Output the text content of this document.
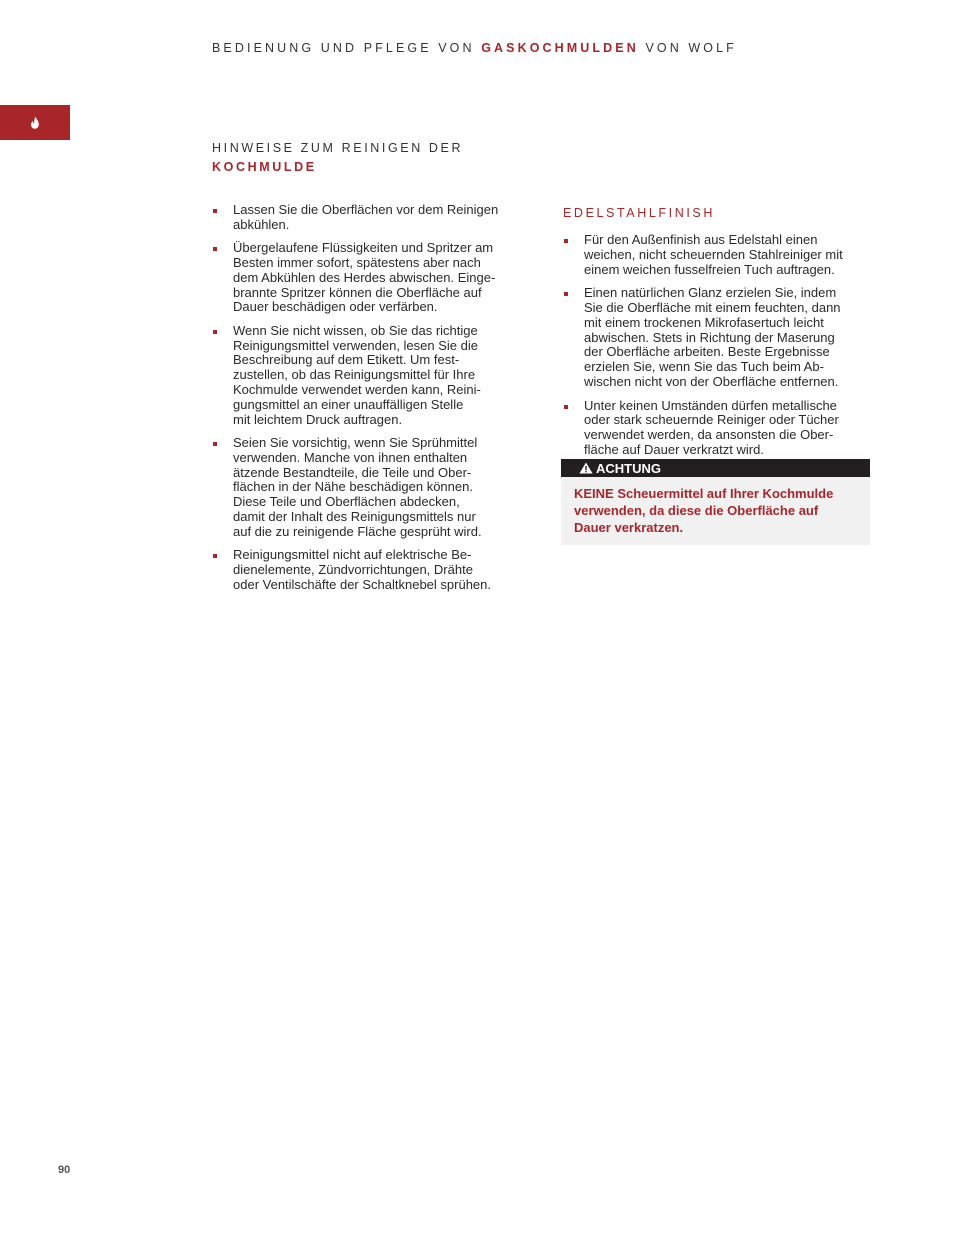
BEDIENUNG UND PFLEGE VON GASKOCHMULDEN VON WOLF
HINWEISE ZUM REINIGEN DER
KOCHMULDE
Lassen Sie die Oberflächen vor dem Reinigen
abkühlen.
Übergelaufene Flüssigkeiten und Spritzer am
Besten immer sofort, spätestens aber nach
dem Abkühlen des Herdes abwischen. Einge-
brannte Spritzer können die Oberfläche auf
Dauer beschädigen oder verfärben.
Wenn Sie nicht wissen, ob Sie das richtige
Reinigungsmittel verwenden, lesen Sie die
Beschreibung auf dem Etikett. Um fest-
zustellen, ob das Reinigungsmittel für Ihre
Kochmulde verwendet werden kann, Reini-
gungsmittel an einer unauffälligen Stelle
mit leichtem Druck auftragen.
Seien Sie vorsichtig, wenn Sie Sprühmittel
verwenden. Manche von ihnen enthalten
ätzende Bestandteile, die Teile und Ober-
flächen in der Nähe beschädigen können.
Diese Teile und Oberflächen abdecken,
damit der Inhalt des Reinigungsmittels nur
auf die zu reinigende Fläche gesprüht wird.
Reinigungsmittel nicht auf elektrische Be-
dienelemente, Zündvorrichtungen, Drähte
oder Ventilschäfte der Schaltknebel sprühen.
EDELSTAHLFINISH
Für den Außenfinish aus Edelstahl einen
weichen, nicht scheuernden Stahlreiniger mit
einem weichen fusselfreien Tuch auftragen.
Einen natürlichen Glanz erzielen Sie, indem
Sie die Oberfläche mit einem feuchten, dann
mit einem trockenen Mikrofasertuch leicht
abwischen. Stets in Richtung der Maserung
der Oberfläche arbeiten. Beste Ergebnisse
erzielen Sie, wenn Sie das Tuch beim Ab-
wischen nicht von der Oberfläche entfernen.
Unter keinen Umständen dürfen metallische
oder stark scheuernde Reiniger oder Tücher
verwendet werden, da ansonsten die Ober-
fläche auf Dauer verkratzt wird.
ACHTUNG
KEINE Scheuermittel auf Ihrer Kochmulde
verwenden, da diese die Oberfläche auf
Dauer verkratzen.
90
